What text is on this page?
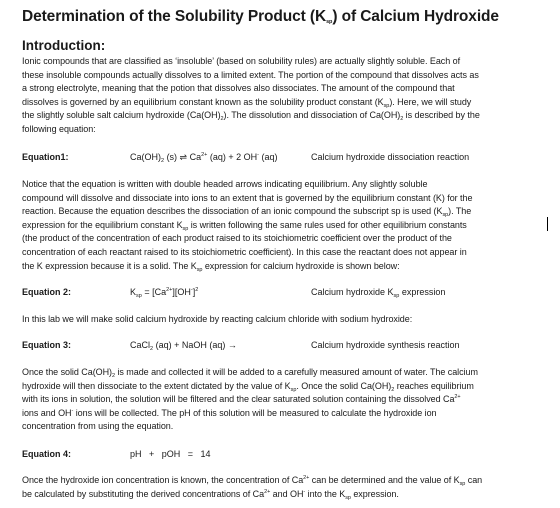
Determination of the Solubility Product $(K_{sp})$ of Calcium Hydroxide
Introduction:
Ionic compounds that are classified as ‘insoluble’ (based on solubility rules) are actually slightly soluble. Each of
these insoluble compounds actually dissolves to a limited extent. The portion of the compound that dissolves acts as
a strong electrolyte, meaning that the potion that dissolves also dissociates. The amount of the compound that
dissolves is governed by an equilibrium constant known as the solubility product constant $(K_{sp})$. Here, we will study
the slightly soluble salt calcium hydroxide $(Ca(OH)_2)$. The dissolution and dissociation of $Ca(OH)_2$ is described by the
following equation:
Equation1:	$Ca(OH)_2$ (s) ⇌ $Ca^{2+}$ (aq) + 2 OH- (aq)	Calcium hydroxide dissociation reaction
Notice that the equation is written with double headed arrows indicating equilibrium. Any slightly soluble
compound will dissolve and dissociate into ions to an extent that is governed by the equilibrium constant (K) for the
reaction. Because the equation describes the dissociation of an ionic compound the subscript sp is used $(K_{sp})$. The
expression for the equilibrium constant $K_{sp}$ is written following the same rules used for other equilibrium constants
(the product of the concentration of each product raised to its stoichiometric coefficient over the product of the
concentration of each reactant raised to its stoichiometric coefficient). In this case the reactant does not appear in
the K expression because it is a solid. The $K_{sp}$ expression for calcium hydroxide is shown below:
Equation 2:	$K_{sp} = [Ca^{2+}][OH^-]^2$	Calcium hydroxide $K_{sp}$ expression
In this lab we will make solid calcium hydroxide by reacting calcium chloride with sodium hydroxide:
Equation 3:	CaCl$_2$ (aq) + NaOH (aq) →	Calcium hydroxide synthesis reaction
Once the solid $Ca(OH)_2$ is made and collected it will be added to a carefully measured amount of water. The calcium
hydroxide will then dissociate to the extent dictated by the value of $K_{sp}$. Once the solid $Ca(OH)_2$ reaches equilibrium
with its ions in solution, the solution will be filtered and the clear saturated solution containing the dissolved $Ca^{2+}$
ions and OH- ions will be collected. The pH of this solution will be measured to calculate the hydroxide ion
concentration from using the equation.
Equation 4:	pH   +   pOH   =   14
Once the hydroxide ion concentration is known, the concentration of $Ca^{2+}$ can be determined and the value of $K_{sp}$ can
be calculated by substituting the derived concentrations of $Ca^{2+}$ and OH- into the $K_{sp}$ expression.
